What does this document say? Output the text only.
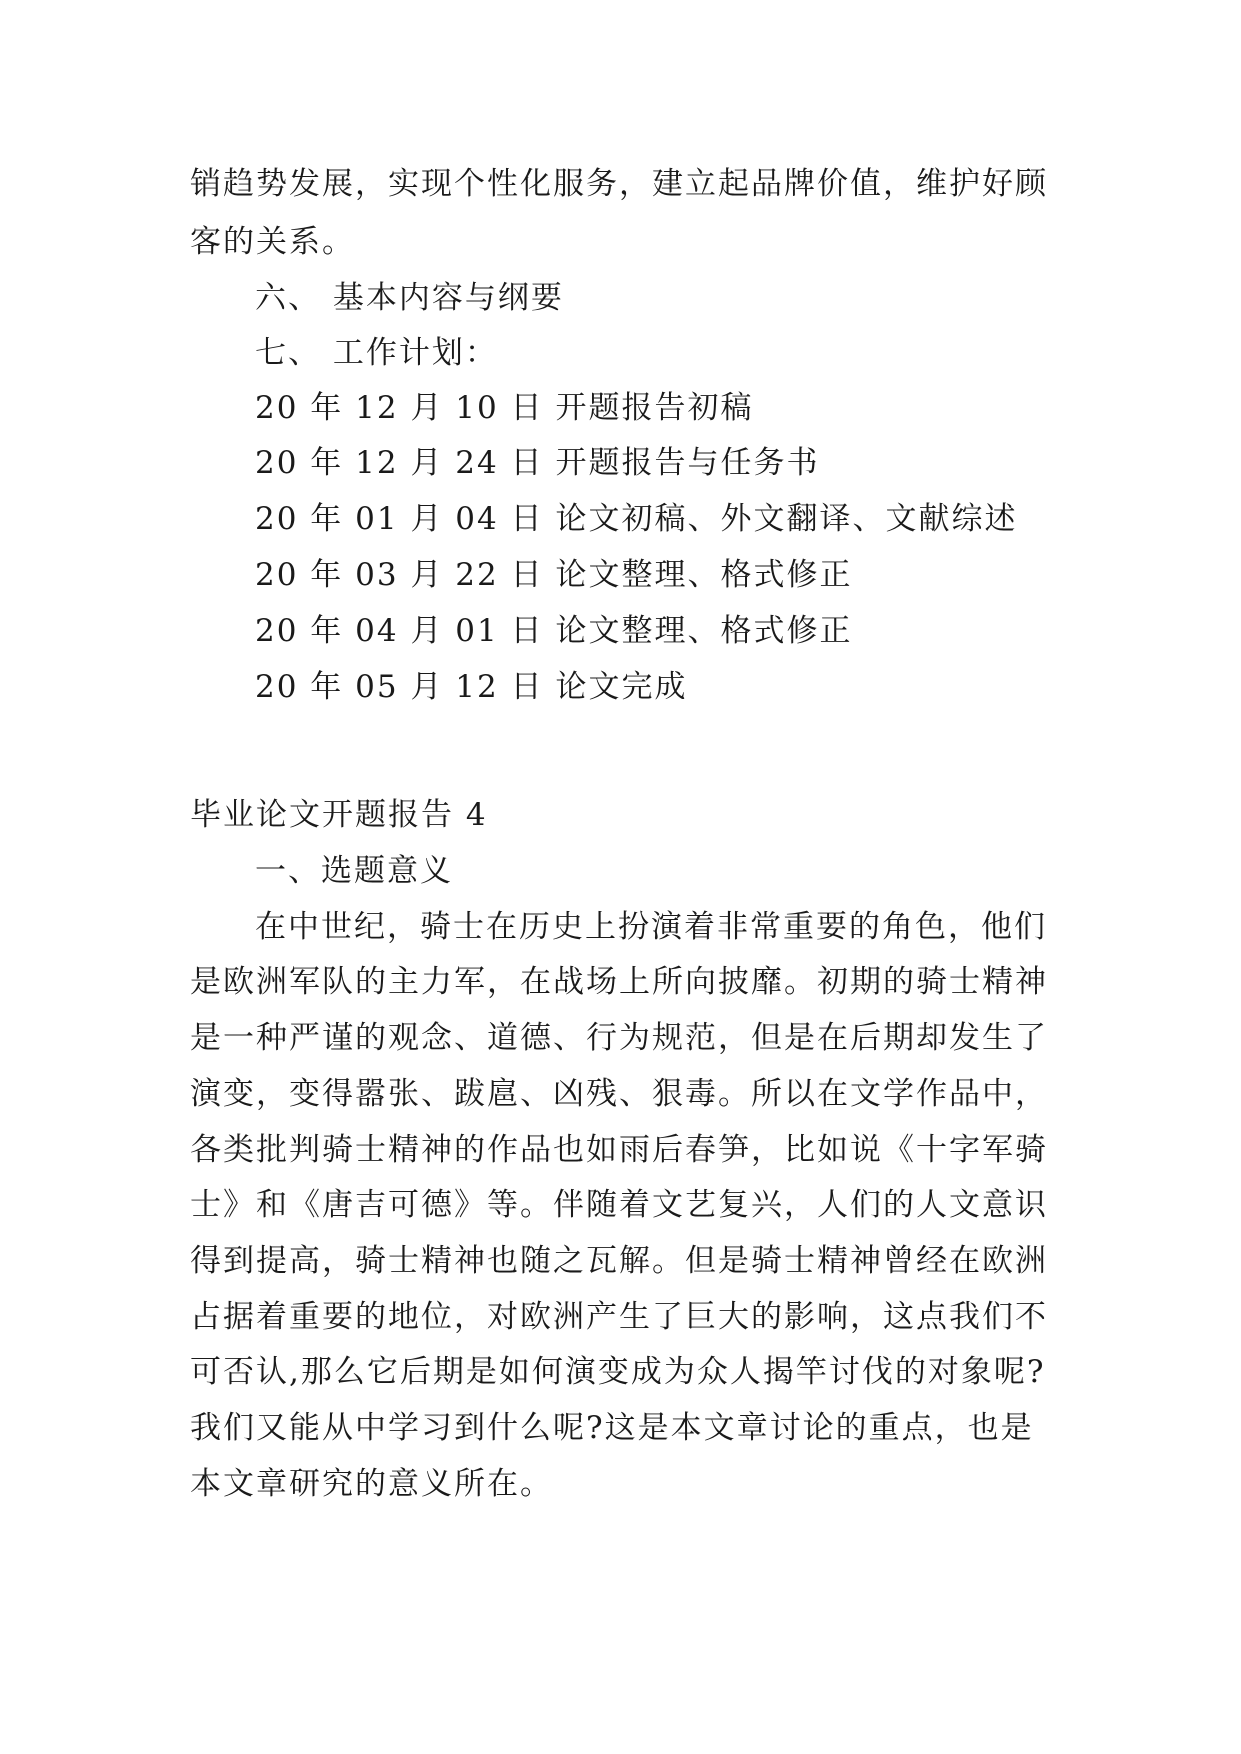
销趋势发展，实现个性化服务，建立起品牌价值，维护好顾
客的关系。
六、 基本内容与纲要
七、 工作计划：
20 年 12 月 10 日 开题报告初稿
20 年 12 月 24 日 开题报告与任务书
20 年 01 月 04 日 论文初稿、外文翻译、文献综述
20 年 03 月 22 日 论文整理、格式修正
20 年 04 月 01 日 论文整理、格式修正
20 年 05 月 12 日 论文完成
毕业论文开题报告 4
一、选题意义
在中世纪，骑士在历史上扮演着非常重要的角色，他们
是欧洲军队的主力军，在战场上所向披靡。初期的骑士精神
是一种严谨的观念、道德、行为规范，但是在后期却发生了
演变，变得嚣张、跋扈、凶残、狠毒。所以在文学作品中，
各类批判骑士精神的作品也如雨后春笋，比如说《十字军骑
士》和《唐吉可德》等。伴随着文艺复兴，人们的人文意识
得到提高，骑士精神也随之瓦解。但是骑士精神曾经在欧洲
占据着重要的地位，对欧洲产生了巨大的影响，这点我们不
可否认,那么它后期是如何演变成为众人揭竿讨伐的对象呢?
我们又能从中学习到什么呢?这是本文章讨论的重点，也是
本文章研究的意义所在。
